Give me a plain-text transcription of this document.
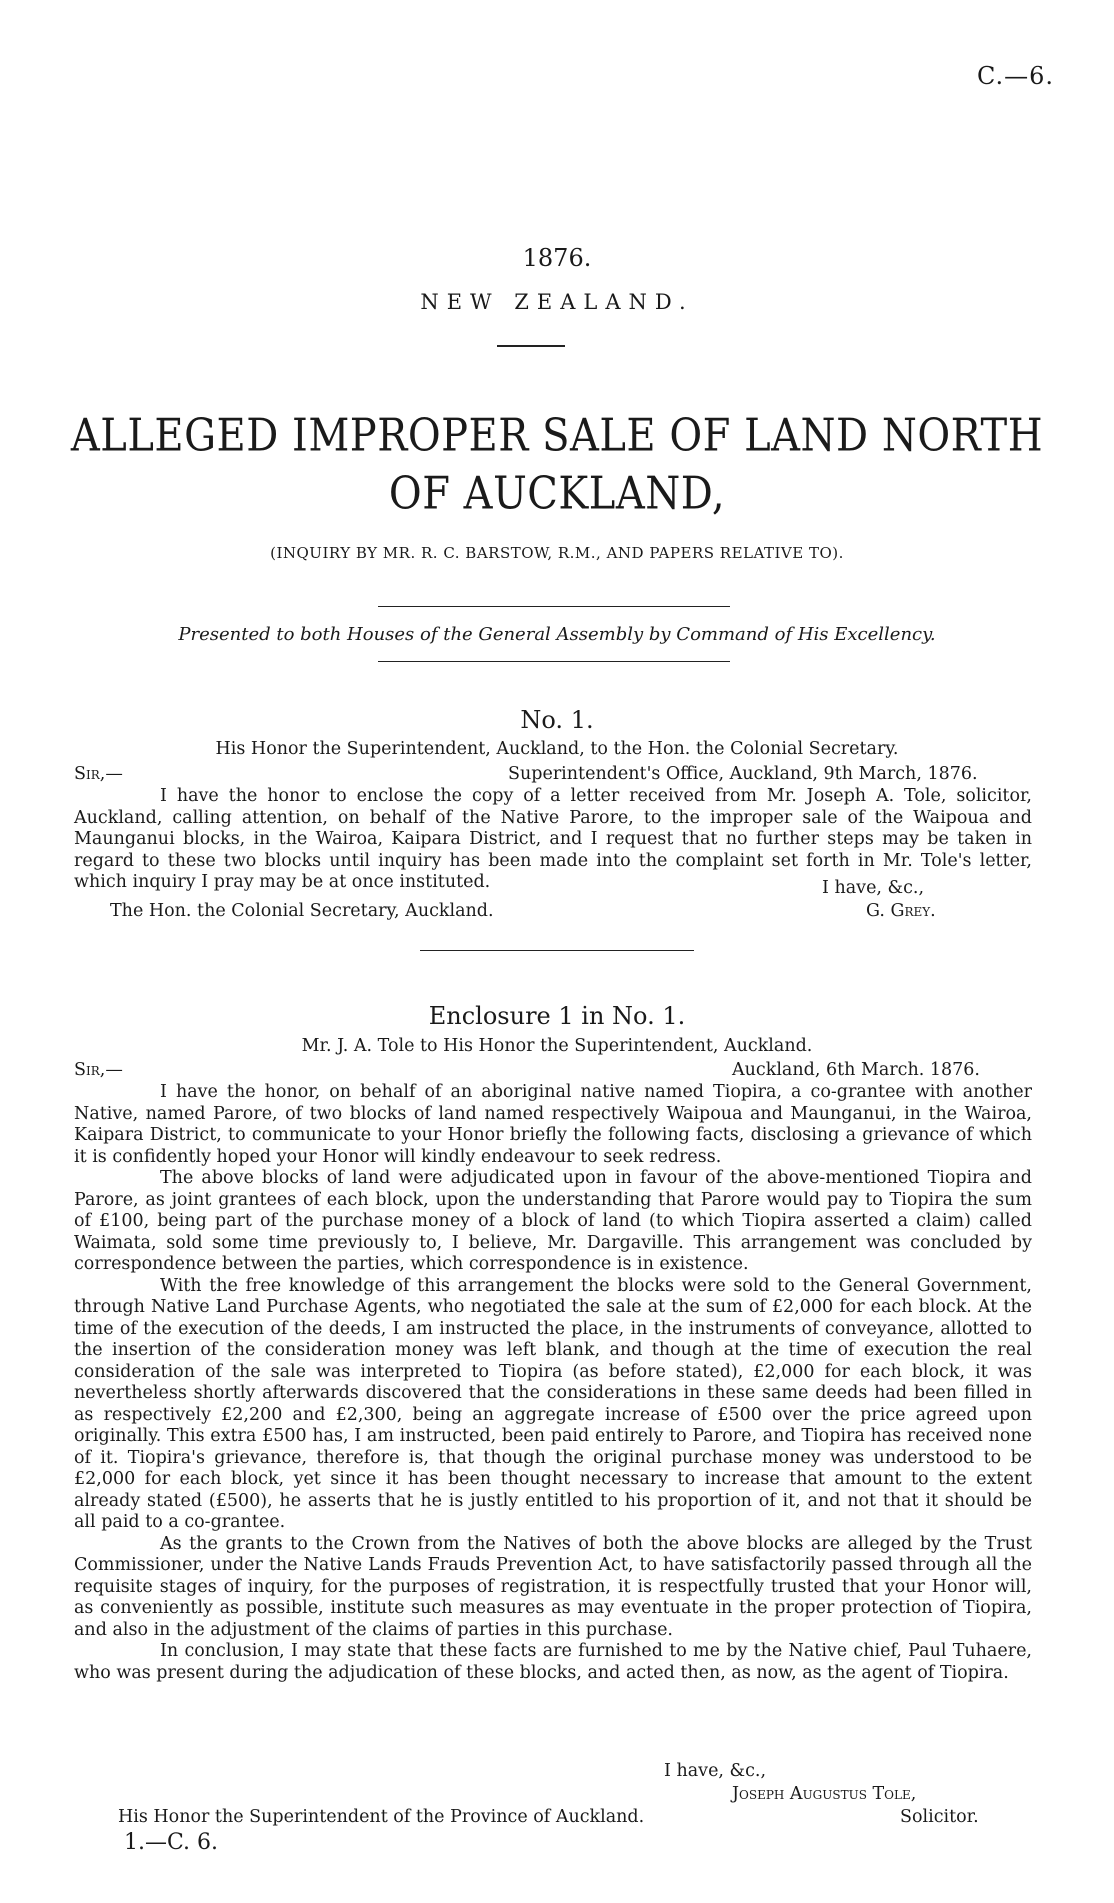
C.—6.
1876.
NEW ZEALAND.
ALLEGED IMPROPER SALE OF LAND NORTH
OF AUCKLAND,
(INQUIRY BY MR. R. C. BARSTOW, R.M., AND PAPERS RELATIVE TO).
Presented to both Houses of the General Assembly by Command of His Excellency.
No. 1.
His Honor the Superintendent, Auckland, to the Hon. the Colonial Secretary.
Sir,—	Superintendent's Office, Auckland, 9th March, 1876.

I have the honor to enclose the copy of a letter received from Mr. Joseph A. Tole, solicitor, Auckland, calling attention, on behalf of the Native Parore, to the improper sale of the Waipoua and Maunganui blocks, in the Wairoa, Kaipara District, and I request that no further steps may be taken in regard to these two blocks until inquiry has been made into the complaint set forth in Mr. Tole's letter, which inquiry I pray may be at once instituted.	I have, &c.,
The Hon. the Colonial Secretary, Auckland.	G. Grey.
Enclosure 1 in No. 1.
Mr. J. A. Tole to His Honor the Superintendent, Auckland.
Sir,—	Auckland, 6th March. 1876.

I have the honor, on behalf of an aboriginal native named Tiopira, a co-grantee with another Native, named Parore, of two blocks of land named respectively Waipoua and Maunganui, in the Wairoa, Kaipara District, to communicate to your Honor briefly the following facts, disclosing a grievance of which it is confidently hoped your Honor will kindly endeavour to seek redress.

The above blocks of land were adjudicated upon in favour of the above-mentioned Tiopira and Parore, as joint grantees of each block, upon the understanding that Parore would pay to Tiopira the sum of £100, being part of the purchase money of a block of land (to which Tiopira asserted a claim) called Waimata, sold some time previously to, I believe, Mr. Dargaville. This arrangement was concluded by correspondence between the parties, which correspondence is in existence.

With the free knowledge of this arrangement the blocks were sold to the General Government, through Native Land Purchase Agents, who negotiated the sale at the sum of £2,000 for each block. At the time of the execution of the deeds, I am instructed the place, in the instruments of conveyance, allotted to the insertion of the consideration money was left blank, and though at the time of execution the real consideration of the sale was interpreted to Tiopira (as before stated), £2,000 for each block, it was nevertheless shortly afterwards discovered that the considerations in these same deeds had been filled in as respectively £2,200 and £2,300, being an aggregate increase of £500 over the price agreed upon originally. This extra £500 has, I am instructed, been paid entirely to Parore, and Tiopira has received none of it. Tiopira's grievance, therefore is, that though the original purchase money was understood to be £2,000 for each block, yet since it has been thought necessary to increase that amount to the extent already stated (£500), he asserts that he is justly entitled to his proportion of it, and not that it should be all paid to a co-grantee.

As the grants to the Crown from the Natives of both the above blocks are alleged by the Trust Commissioner, under the Native Lands Frauds Prevention Act, to have satisfactorily passed through all the requisite stages of inquiry, for the purposes of registration, it is respectfully trusted that your Honor will, as conveniently as possible, institute such measures as may eventuate in the proper protection of Tiopira, and also in the adjustment of the claims of parties in this purchase.

In conclusion, I may state that these facts are furnished to me by the Native chief, Paul Tuhaere, who was present during the adjudication of these blocks, and acted then, as now, as the agent of Tiopira.

I have, &c.,
Joseph Augustus Tole,
His Honor the Superintendent of the Province of Auckland.	Solicitor.
1.—C. 6.
